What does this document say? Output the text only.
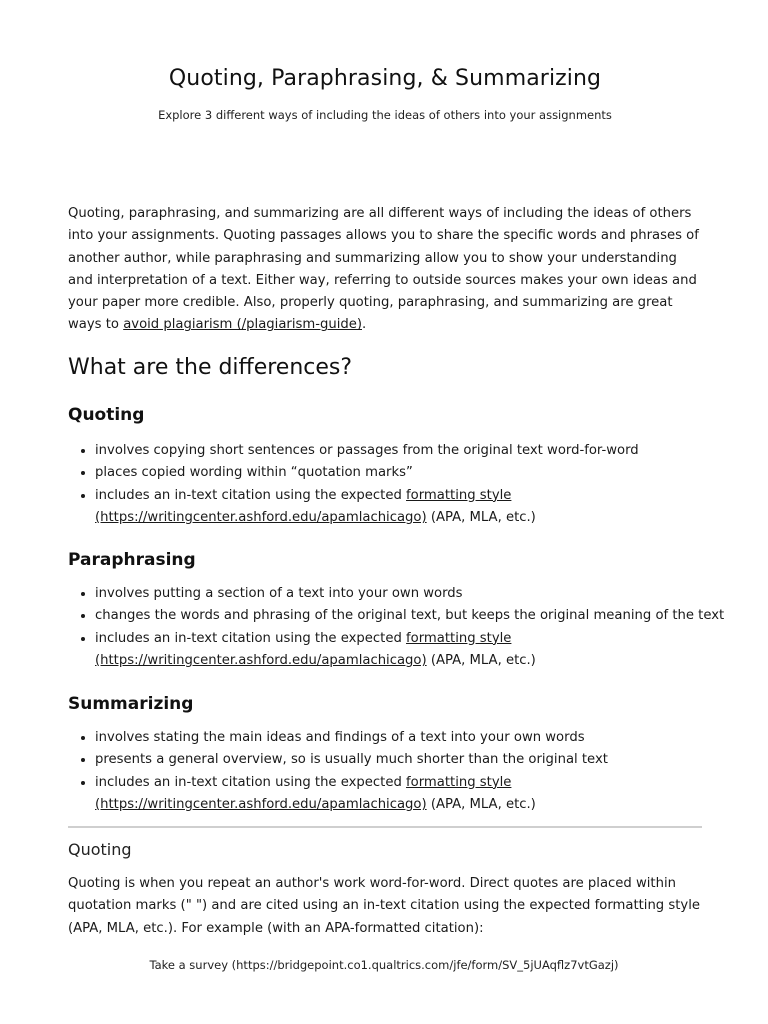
Quoting, Paraphrasing, & Summarizing
Explore 3 different ways of including the ideas of others into your assignments
Quoting, paraphrasing, and summarizing are all different ways of including the ideas of others into your assignments. Quoting passages allows you to share the specific words and phrases of another author, while paraphrasing and summarizing allow you to show your understanding and interpretation of a text. Either way, referring to outside sources makes your own ideas and your paper more credible. Also, properly quoting, paraphrasing, and summarizing are great ways to avoid plagiarism (/plagiarism-guide).
What are the differences?
Quoting
• involves copying short sentences or passages from the original text word-for-word
• places copied wording within “quotation marks”
• includes an in-text citation using the expected formatting style (https://writingcenter.ashford.edu/apamlachicago) (APA, MLA, etc.)
Paraphrasing
• involves putting a section of a text into your own words
• changes the words and phrasing of the original text, but keeps the original meaning of the text
• includes an in-text citation using the expected formatting style (https://writingcenter.ashford.edu/apamlachicago) (APA, MLA, etc.)
Summarizing
• involves stating the main ideas and findings of a text into your own words
• presents a general overview, so is usually much shorter than the original text
• includes an in-text citation using the expected formatting style (https://writingcenter.ashford.edu/apamlachicago) (APA, MLA, etc.)
Quoting
Quoting is when you repeat an author's work word-for-word. Direct quotes are placed within quotation marks (" ") and are cited using an in-text citation using the expected formatting style (APA, MLA, etc.). For example (with an APA-formatted citation):
Take a survey (https://bridgepoint.co1.qualtrics.com/jfe/form/SV_5jUAqflz7vtGazj)
